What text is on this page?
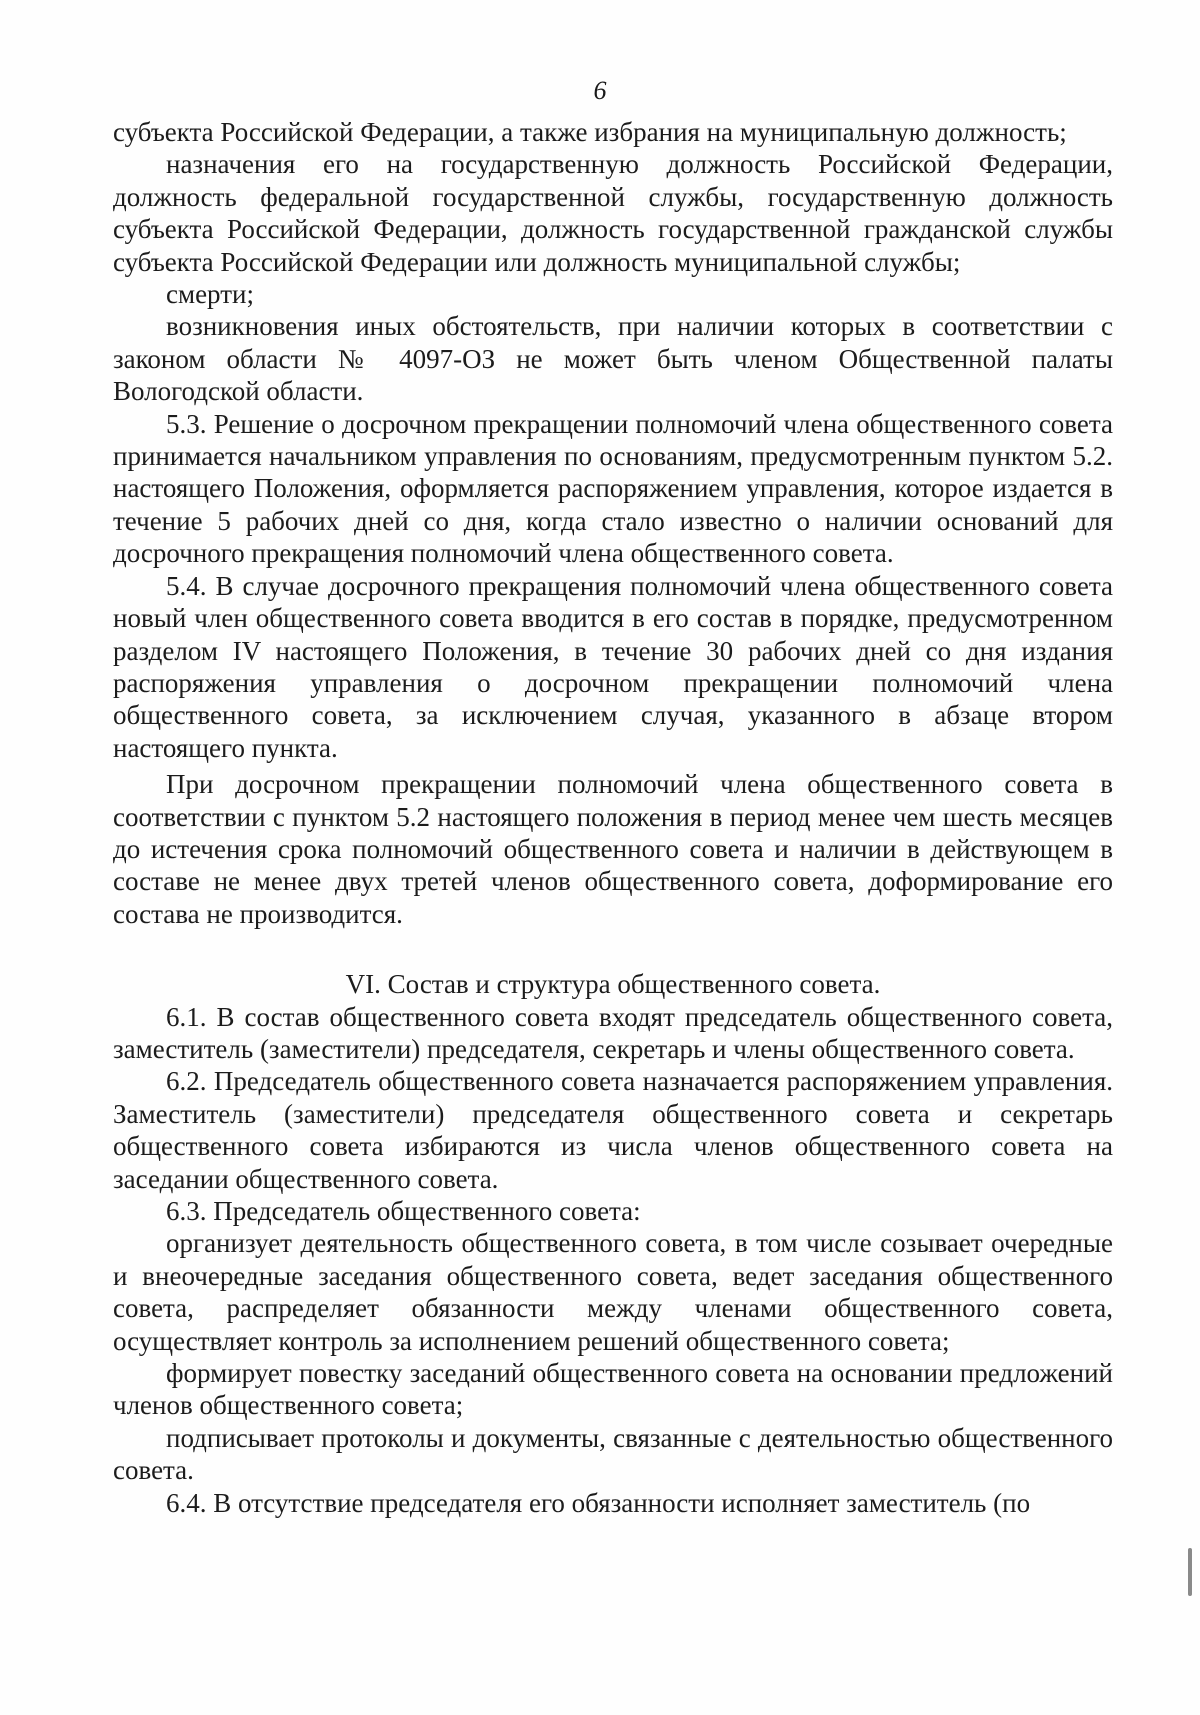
6

субъекта Российской Федерации, а также избрания на муниципальную должность;

назначения его на государственную должность Российской Федерации, должность федеральной государственной службы, государственную должность субъекта Российской Федерации, должность государственной гражданской службы субъекта Российской Федерации или должность муниципальной службы;

смерти;

возникновения иных обстоятельств, при наличии которых в соответствии с законом области № 4097-ОЗ не может быть членом Общественной палаты Вологодской области.

5.3. Решение о досрочном прекращении полномочий члена общественного совета принимается начальником управления по основаниям, предусмотренным пунктом 5.2. настоящего Положения, оформляется распоряжением управления, которое издается в течение 5 рабочих дней со дня, когда стало известно о наличии оснований для досрочного прекращения полномочий члена общественного совета.

5.4. В случае досрочного прекращения полномочий члена общественного совета новый член общественного совета вводится в его состав в порядке, предусмотренном разделом IV настоящего Положения, в течение 30 рабочих дней со дня издания распоряжения управления о досрочном прекращении полномочий члена общественного совета, за исключением случая, указанного в абзаце втором настоящего пункта.

При досрочном прекращении полномочий члена общественного совета в соответствии с пунктом 5.2 настоящего положения в период менее чем шесть месяцев до истечения срока полномочий общественного совета и наличии в действующем в составе не менее двух третей членов общественного совета, доформирование его состава не производится.

VI. Состав и структура общественного совета.

6.1. В состав общественного совета входят председатель общественного совета, заместитель (заместители) председателя, секретарь и члены общественного совета.

6.2. Председатель общественного совета назначается распоряжением управления. Заместитель (заместители) председателя общественного совета и секретарь общественного совета избираются из числа членов общественного совета на заседании общественного совета.

6.3. Председатель общественного совета:

организует деятельность общественного совета, в том числе созывает очередные и внеочередные заседания общественного совета, ведет заседания общественного совета, распределяет обязанности между членами общественного совета, осуществляет контроль за исполнением решений общественного совета;

формирует повестку заседаний общественного совета на основании предложений членов общественного совета;

подписывает протоколы и документы, связанные с деятельностью общественного совета.

6.4. В отсутствие председателя его обязанности исполняет заместитель (по
